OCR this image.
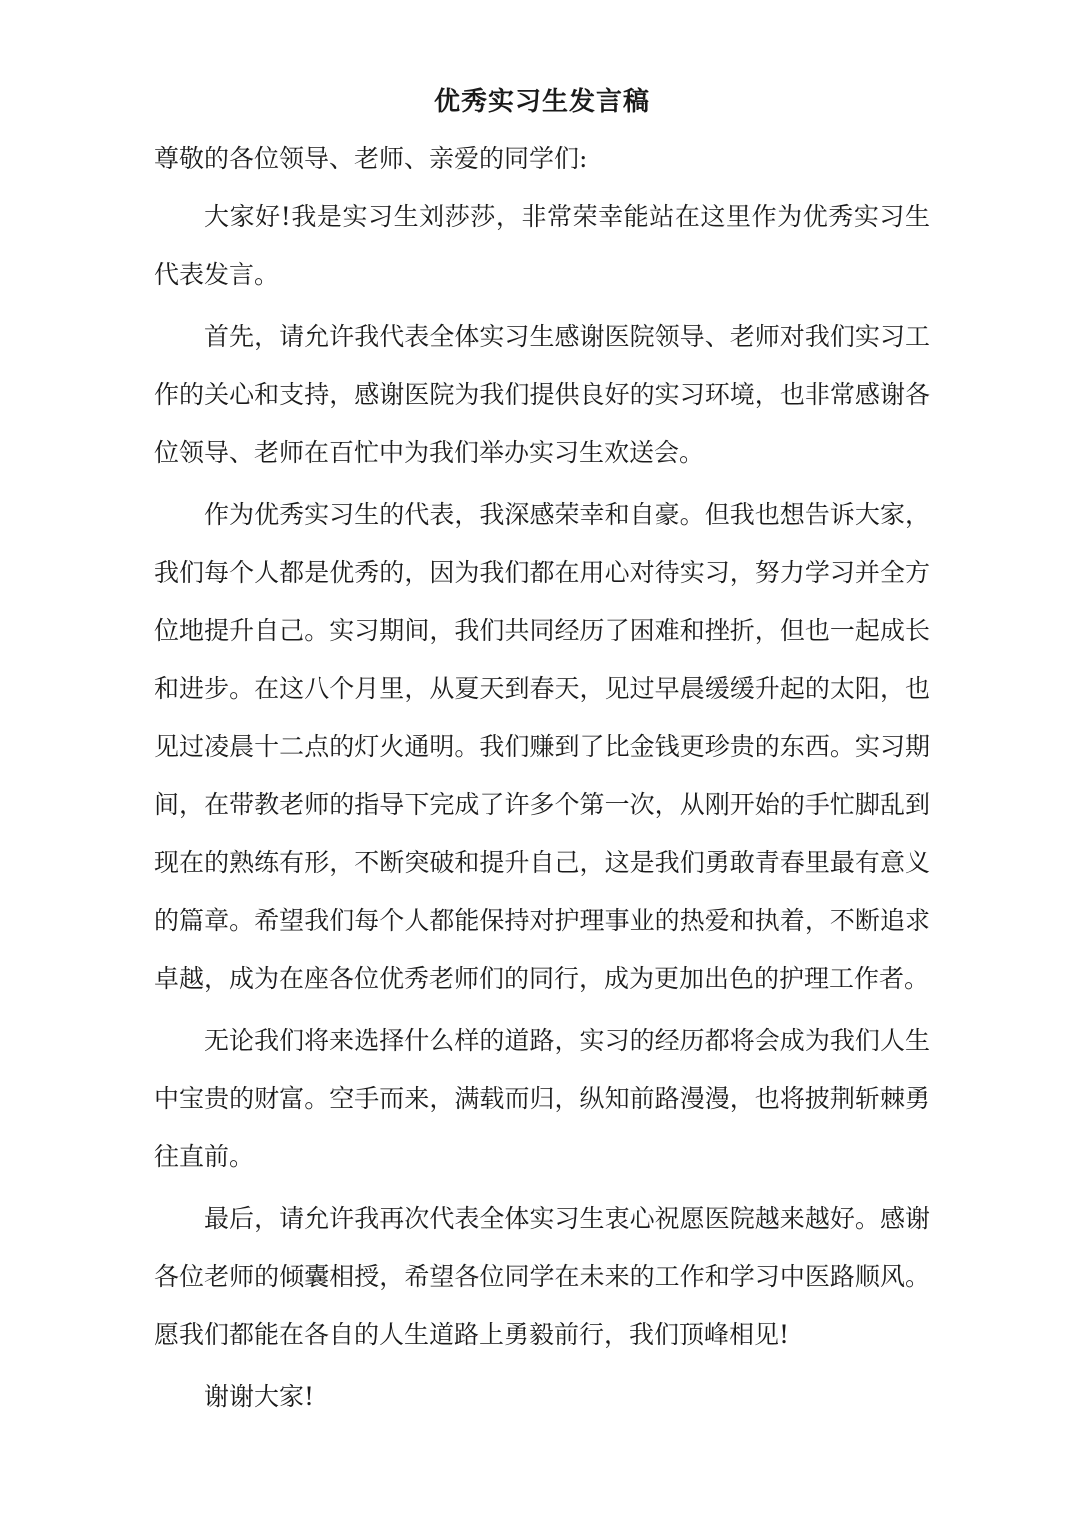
优秀实习生发言稿

尊敬的各位领导、老师、亲爱的同学们:

大家好!我是实习生刘莎莎，非常荣幸能站在这里作为优秀实习生代表发言。

首先，请允许我代表全体实习生感谢医院领导、老师对我们实习工作的关心和支持，感谢医院为我们提供良好的实习环境，也非常感谢各位领导、老师在百忙中为我们举办实习生欢送会。

作为优秀实习生的代表，我深感荣幸和自豪。但我也想告诉大家，我们每个人都是优秀的，因为我们都在用心对待实习，努力学习并全方位地提升自己。实习期间，我们共同经历了困难和挫折，但也一起成长和进步。在这八个月里，从夏天到春天，见过早晨缓缓升起的太阳，也见过凌晨十二点的灯火通明。我们赚到了比金钱更珍贵的东西。实习期间，在带教老师的指导下完成了许多个第一次，从刚开始的手忙脚乱到现在的熟练有形，不断突破和提升自己，这是我们勇敢青春里最有意义的篇章。希望我们每个人都能保持对护理事业的热爱和执着，不断追求卓越，成为在座各位优秀老师们的同行，成为更加出色的护理工作者。

无论我们将来选择什么样的道路，实习的经历都将会成为我们人生中宝贵的财富。空手而来，满载而归，纵知前路漫漫，也将披荆斩棘勇往直前。

最后，请允许我再次代表全体实习生衷心祝愿医院越来越好。感谢各位老师的倾囊相授，希望各位同学在未来的工作和学习中医路顺风。愿我们都能在各自的人生道路上勇毅前行，我们顶峰相见!

谢谢大家!
